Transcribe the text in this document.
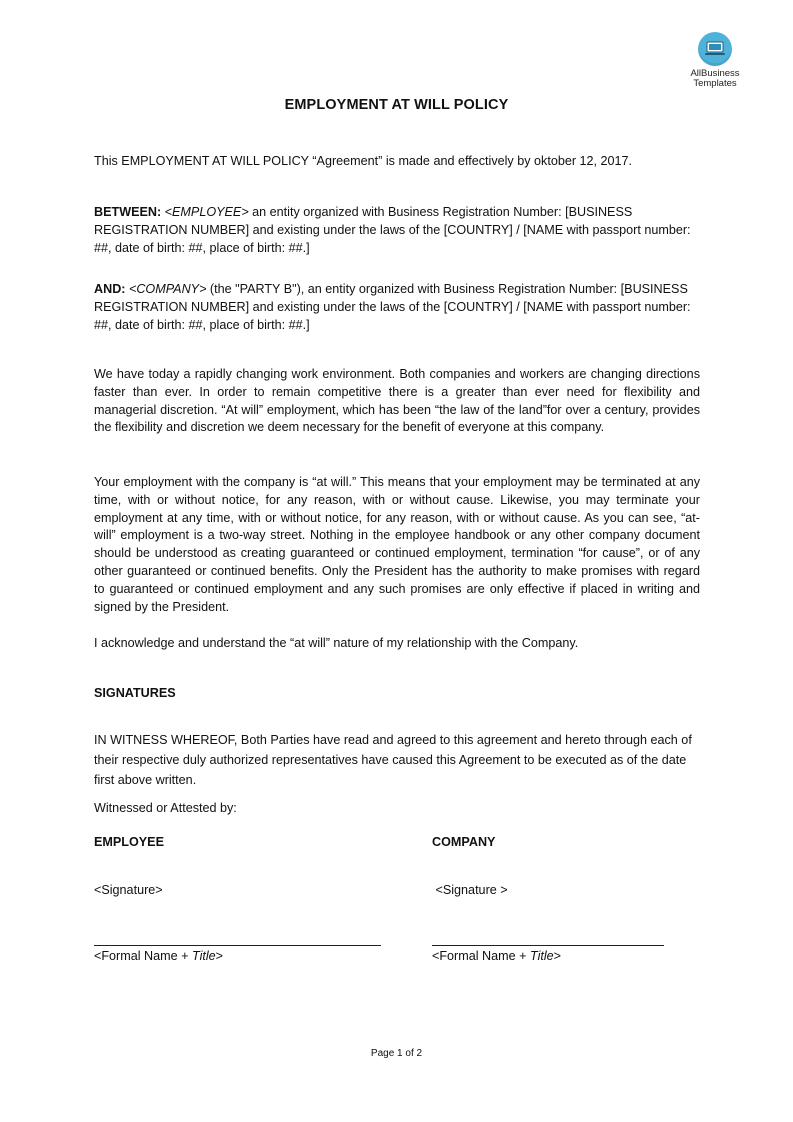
AllBusiness
Templates
EMPLOYMENT AT WILL POLICY
This EMPLOYMENT AT WILL POLICY “Agreement” is made and effectively by oktober 12, 2017.
BETWEEN: <EMPLOYEE> an entity organized with Business Registration Number: [BUSINESS REGISTRATION NUMBER] and existing under the laws of the [COUNTRY] / [NAME with passport number: ##, date of birth: ##, place of birth: ##.]
AND: <COMPANY> (the "PARTY B"), an entity organized with Business Registration Number: [BUSINESS REGISTRATION NUMBER] and existing under the laws of the [COUNTRY] / [NAME with passport number: ##, date of birth: ##, place of birth: ##.]
We have today a rapidly changing work environment. Both companies and workers are changing directions faster than ever. In order to remain competitive there is a greater than ever need for flexibility and managerial discretion. “At will” employment, which has been “the law of the land”for over a century, provides the flexibility and discretion we deem necessary for the benefit of everyone at this company.
Your employment with the company is “at will.” This means that your employment may be terminated at any time, with or without notice, for any reason, with or without cause. Likewise, you may terminate your employment at any time, with or without notice, for any reason, with or without cause. As you can see, “at-will” employment is a two-way street. Nothing in the employee handbook or any other company document should be understood as creating guaranteed or continued employment, termination “for cause”, or of any other guaranteed or continued benefits. Only the President has the authority to make promises with regard to guaranteed or continued employment and any such promises are only effective if placed in writing and signed by the President.
I acknowledge and understand the “at will” nature of my relationship with the Company.
SIGNATURES
IN WITNESS WHEREOF, Both Parties have read and agreed to this agreement and hereto through each of their respective duly authorized representatives have caused this Agreement to be executed as of the date first above written.
Witnessed or Attested by:
EMPLOYEE	COMPANY
<Signature>	<Signature >
<Formal Name + Title>	<Formal Name + Title>
Page 1 of 2
